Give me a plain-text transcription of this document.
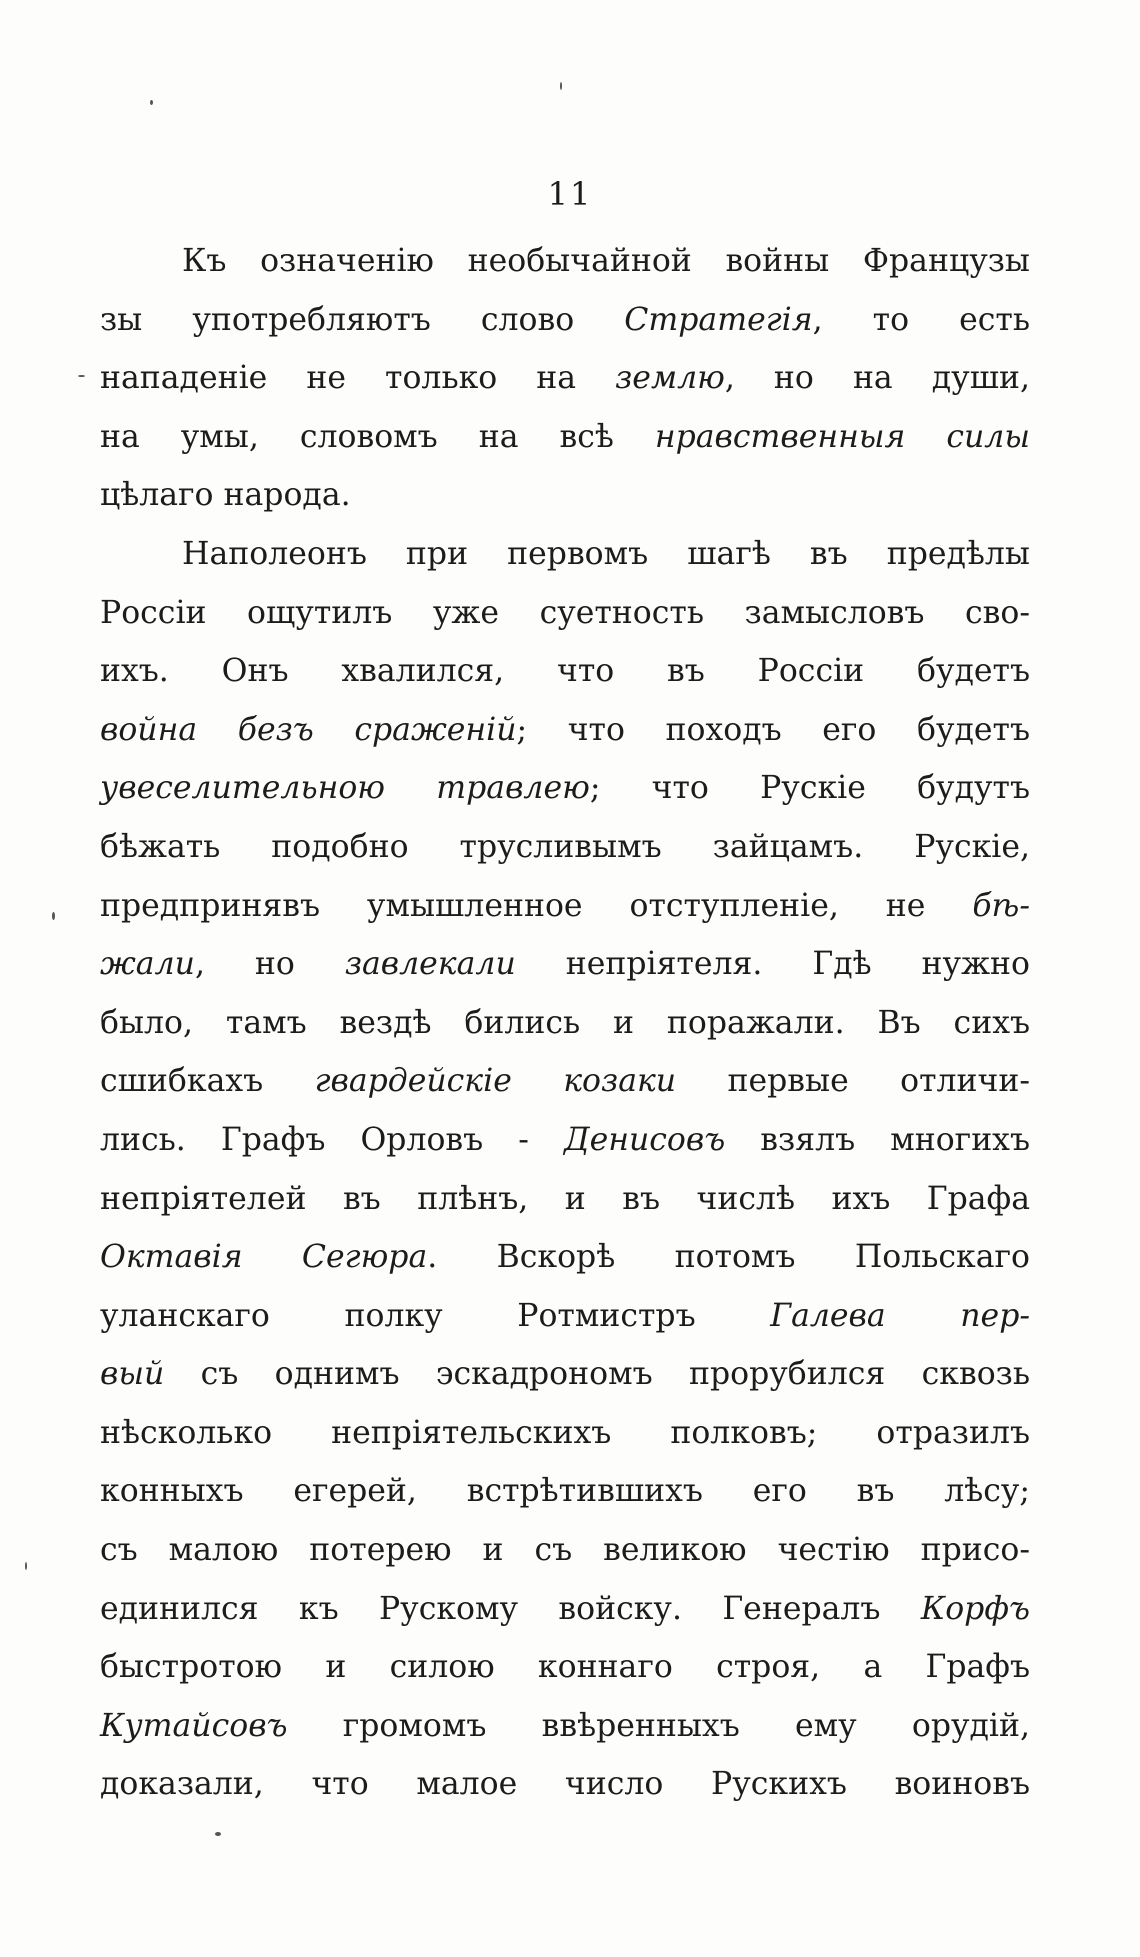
11
Къ означенію необычайной войны Французы
зы употребляютъ слово Стратегія, то есть
нападеніе не только на землю, но на души,
на умы, словомъ на всѣ нравственныя силы
цѣлаго народа.
Наполеонъ при первомъ шагѣ въ предѣлы
Россіи ощутилъ уже суетность замысловъ сво-
ихъ. Онъ хвалился, что въ Россіи будетъ
война безъ сраженій; что походъ его будетъ
увеселительною травлею; что Рускіе будутъ
бѣжать подобно трусливымъ зайцамъ. Рускіе,
предпринявъ умышленное отступленіе, не бѣ-
жали, но завлекали непріятеля. Гдѣ нужно
было, тамъ вездѣ бились и поражали. Въ сихъ
сшибкахъ гвардейскіе козаки первые отличи-
лись. Графъ Орловъ - Денисовъ взялъ многихъ
непріятелей въ плѣнъ, и въ числѣ ихъ Графа
Октавія Сегюра. Вскорѣ потомъ Польскаго
уланскаго полку Ротмистръ Галева пер-
вый съ однимъ эскадрономъ прорубился сквозь
нѣсколько непріятельскихъ полковъ; отразилъ
конныхъ егерей, встрѣтившихъ его въ лѣсу;
съ малою потерею и съ великою честію присо-
единился къ Рускому войску. Генералъ Корфъ
быстротою и силою коннаго строя, а Графъ
Кутайсовъ громомъ ввѣренныхъ ему орудій,
доказали, что малое число Рускихъ воиновъ
